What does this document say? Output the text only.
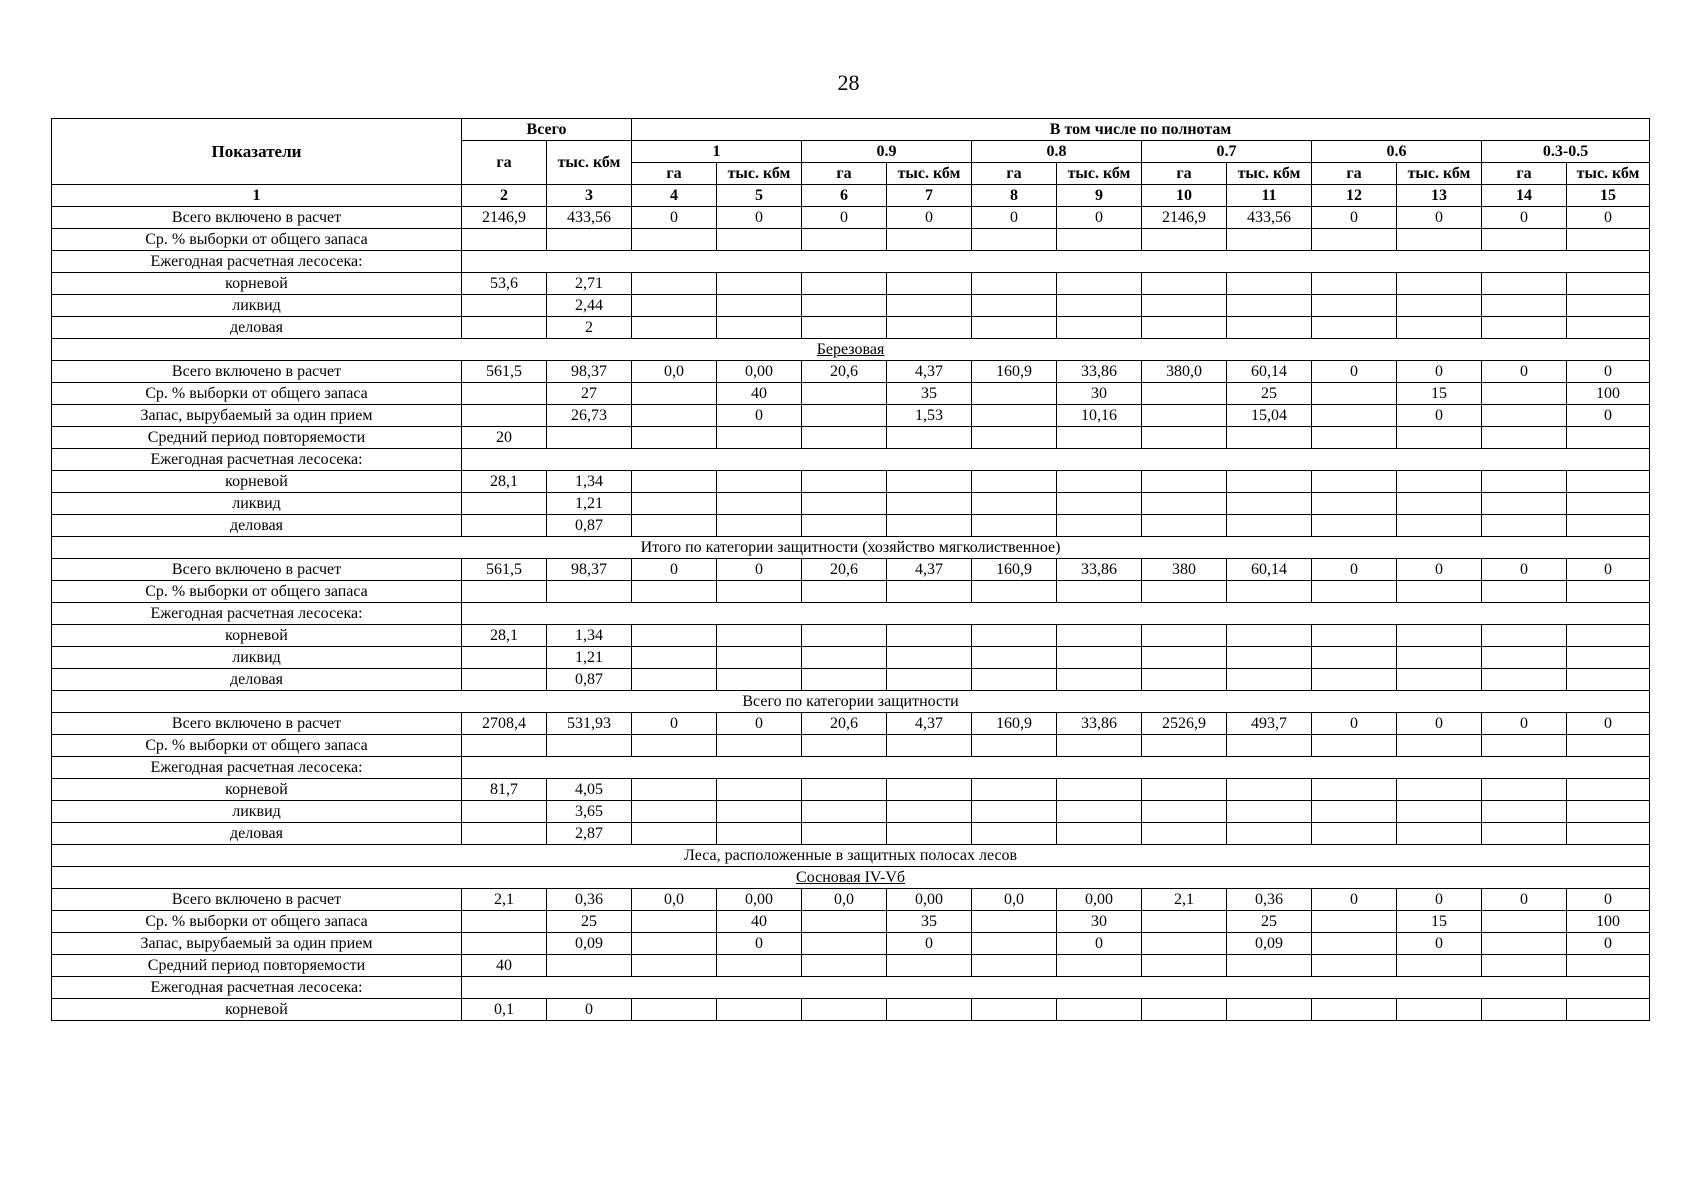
28
Показатели	Всего		В том числе по полнотам											
	га	тыс. кбм	1		0.9		0.8		0.7		0.6		0.3-0.5	
			га	тыс. кбм	га	тыс. кбм	га	тыс. кбм	га	тыс. кбм	га	тыс. кбм	га	тыс. кбм
1	2	3	4	5	6	7	8	9	10	11	12	13	14	15
Всего включено в расчет	2146,9	433,56	0	0	0	0	0	0	2146,9	433,56	0	0	0	0
Ср. % выборки от общего запаса														
Ежегодная расчетная лесосека:														
корневой	53,6	2,71												
ликвид		2,44												
деловая		2												
Березовая														
Всего включено в расчет	561,5	98,37	0,0	0,00	20,6	4,37	160,9	33,86	380,0	60,14	0	0	0	0
Ср. % выборки от общего запаса		27		40		35		30		25		15		100
Запас, вырубаемый за один прием		26,73		0		1,53		10,16		15,04		0		0
Средний период повторяемости	20													
Ежегодная расчетная лесосека:														
корневой	28,1	1,34												
ликвид		1,21												
деловая		0,87												
Итого по категории защитности (хозяйство мягколиственное)														
Всего включено в расчет	561,5	98,37	0	0	20,6	4,37	160,9	33,86	380	60,14	0	0	0	0
Ср. % выборки от общего запаса														
Ежегодная расчетная лесосека:														
корневой	28,1	1,34												
ликвид		1,21												
деловая		0,87												
Всего по категории защитности														
Всего включено в расчет	2708,4	531,93	0	0	20,6	4,37	160,9	33,86	2526,9	493,7	0	0	0	0
Ср. % выборки от общего запаса														
Ежегодная расчетная лесосека:														
корневой	81,7	4,05												
ликвид		3,65												
деловая		2,87												
Леса, расположенные в защитных полосах лесов														
Сосновая IV-Vб														
Всего включено в расчет	2,1	0,36	0,0	0,00	0,0	0,00	0,0	0,00	2,1	0,36	0	0	0	0
Ср. % выборки от общего запаса		25		40		35		30		25		15		100
Запас, вырубаемый за один прием		0,09		0		0		0		0,09		0		0
Средний период повторяемости	40													
Ежегодная расчетная лесосека:														
корневой	0,1	0												
